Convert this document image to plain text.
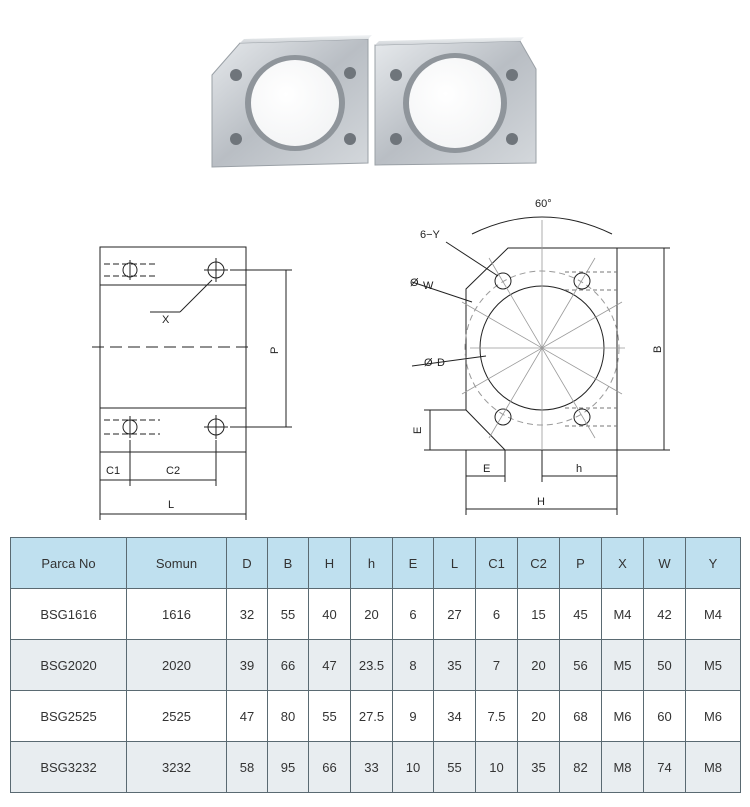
X
P
C1	C2
L
60°
6−Y
Ø W
Ø D
B
E
E	h
H
Parca No	Somun	D	B	H	h	E	L	C1	C2	P	X	W	Y
BSG1616	1616	32	55	40	20	6	27	6	15	45	M4	42	M4
BSG2020	2020	39	66	47	23.5	8	35	7	20	56	M5	50	M5
BSG2525	2525	47	80	55	27.5	9	34	7.5	20	68	M6	60	M6
BSG3232	3232	58	95	66	33	10	55	10	35	82	M8	74	M8
